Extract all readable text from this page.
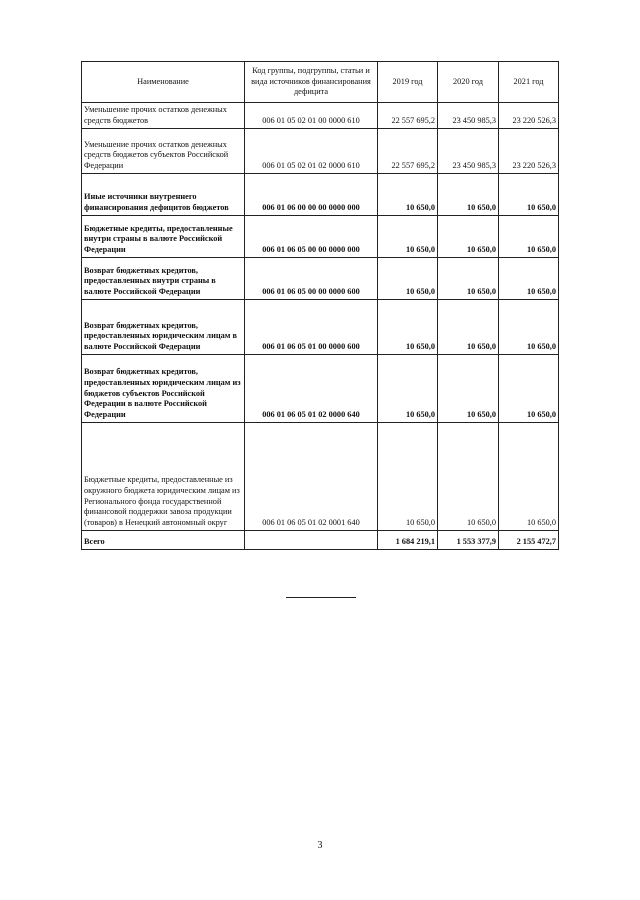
Наименование	Код группы, подгруппы, статьи и вида источников финансирования дефицита	2019 год	2020 год	2021 год
Уменьшение прочих остатков денежных средств бюджетов	006 01 05 02 01 00 0000 610	22 557 695,2	23 450 985,3	23 220 526,3
Уменьшение прочих остатков денежных средств бюджетов субъектов Российской Федерации	006 01 05 02 01 02 0000 610	22 557 695,2	23 450 985,3	23 220 526,3
Иные источники внутреннего финансирования дефицитов бюджетов	006 01 06 00 00 00 0000 000	10 650,0	10 650,0	10 650,0
Бюджетные кредиты, предоставленные внутри страны в валюте Российской Федерации	006 01 06 05 00 00 0000 000	10 650,0	10 650,0	10 650,0
Возврат бюджетных кредитов, предоставленных внутри страны в валюте Российской Федерации	006 01 06 05 00 00 0000 600	10 650,0	10 650,0	10 650,0
Возврат бюджетных кредитов, предоставленных юридическим лицам в валюте Российской Федерации	006 01 06 05 01 00 0000 600	10 650,0	10 650,0	10 650,0
Возврат бюджетных кредитов, предоставленных юридическим лицам из бюджетов субъектов Российской Федерации в валюте Российской Федерации	006 01 06 05 01 02 0000 640	10 650,0	10 650,0	10 650,0
Бюджетные кредиты, предоставленные из окружного бюджета юридическим лицам из Регионального фонда государственной финансовой поддержки завоза продукции (товаров) в Ненецкий автономный округ	006 01 06 05 01 02 0001 640	10 650,0	10 650,0	10 650,0
Всего		1 684 219,1	1 553 377,9	2 155 472,7
3
